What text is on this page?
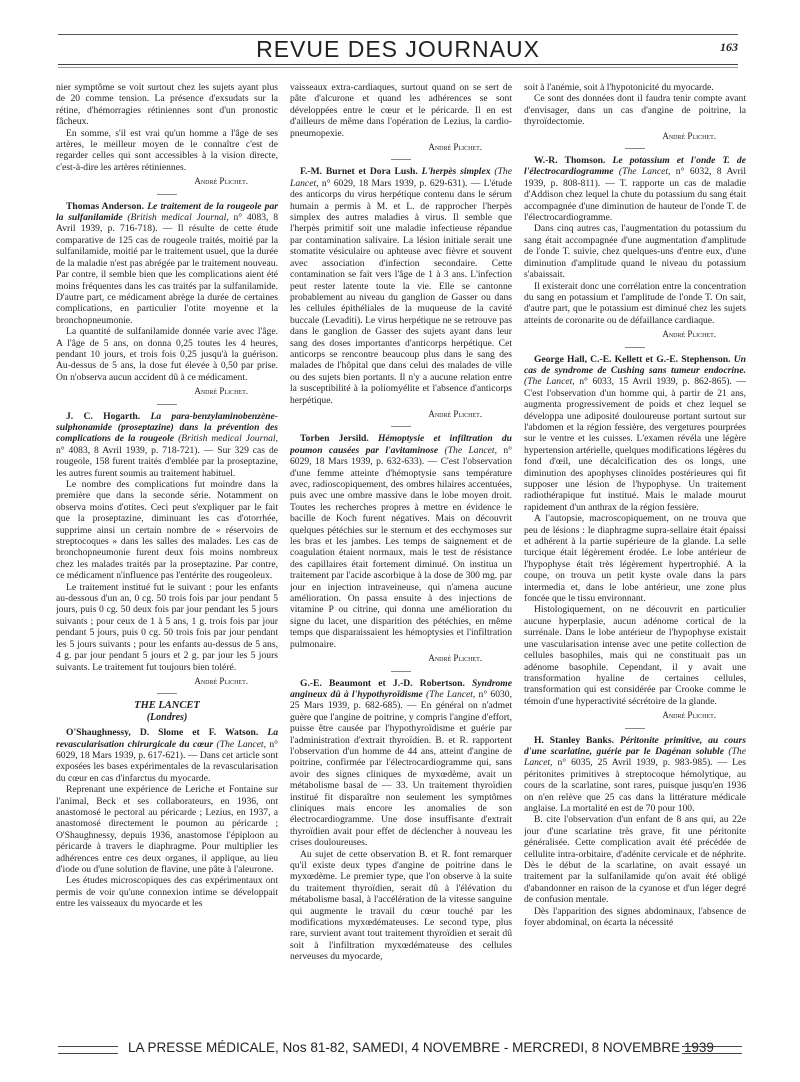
REVUE DES JOURNAUX	163

nier symptôme se voit surtout chez les sujets ayant plus de 20 comme tension. La présence d'exsudats sur la rétine, d'hémorragies rétiniennes sont d'un pronostic fâcheux.

En somme, s'il est vrai qu'un homme a l'âge de ses artères, le meilleur moyen de le connaître c'est de regarder celles qui sont accessibles à la vision directe, c'est-à-dire les artères rétiniennes.

André Plichet.

Thomas Anderson. Le traitement de la rougeole par la sulfanilamide (British medical Journal, n° 4083, 8 Avril 1939, p. 716-718). — Il résulte de cette étude comparative de 125 cas de rougeole traités, moitié par la sulfanilamide, moitié par le traitement usuel, que la durée de la maladie n'est pas abrégée par le traitement nouveau. Par contre, il semble bien que les complications aient été moins fréquentes dans les cas traités par la sulfanilamide. D'autre part, ce médicament abrège la durée de certaines complications, en particulier l'otite moyenne et la bronchopneumonie.

La quantité de sulfanilamide donnée varie avec l'âge. A l'âge de 5 ans, on donna 0,25 toutes les 4 heures, pendant 10 jours, et trois fois 0,25 jusqu'à la guérison. Au-dessus de 5 ans, la dose fut élevée à 0,50 par prise. On n'observa aucun accident dû à ce médicament.

André Plichet.

J. C. Hogarth. La para-benzylaminobenzène-sulphonamide (proseptazine) dans la prévention des complications de la rougeole (British medical Journal, n° 4083, 8 Avril 1939, p. 718-721). — Sur 329 cas de rougeole, 158 furent traités d'emblée par la proseptazine, les autres furent soumis au traitement habituel.

Le nombre des complications fut moindre dans la première que dans la seconde série. Notamment on observa moins d'otites. Ceci peut s'expliquer par le fait que la proseptazine, diminuant les cas d'otorrhée, supprime ainsi un certain nombre de « réservoirs de streptocoques » dans les salles des malades. Les cas de bronchopneumonie furent deux fois moins nombreux chez les malades traités par la proseptazine. Par contre, ce médicament n'influence pas l'entérite des rougeoleux.

Le traitement institué fut le suivant : pour les enfants au-dessous d'un an, 0 cg. 50 trois fois par jour pendant 5 jours, puis 0 cg. 50 deux fois par jour pendant les 5 jours suivants ; pour ceux de 1 à 5 ans, 1 g. trois fois par jour pendant 5 jours, puis 0 cg. 50 trois fois par jour pendant les 5 jours suivants ; pour les enfants au-dessus de 5 ans, 4 g. par jour pendant 5 jours et 2 g. par jour les 5 jours suivants. Le traitement fut toujours bien toléré.

André Plichet.
THE LANCET
(Londres)

O'Shaughnessy, D. Slome et F. Watson. La revascularisation chirurgicale du cœur (The Lancet, n° 6029, 18 Mars 1939, p. 617-621). — Dans cet article sont exposées les bases expérimentales de la revascularisation du cœur en cas d'infarctus du myocarde.

Reprenant une expérience de Leriche et Fontaine sur l'animal, Beck et ses collaborateurs, en 1936, ont anastomosé le pectoral au péricarde ; Lezius, en 1937, a anastomosé directement le poumon au péricarde ; O'Shaughnessy, depuis 1936, anastomose l'épiploon au péricarde à travers le diaphragme. Pour multiplier les adhérences entre ces deux organes, il applique, au lieu d'iode ou d'une solution de flavine, une pâte à l'aleurone.

Les études microscopiques des cas expérimentaux ont permis de voir qu'une connexion intime se développait entre les vaisseaux du myocarde et les

vaisseaux extra-cardiaques, surtout quand on se sert de pâte d'alcurone et quand les adhérences se sont développées entre le cœur et le péricarde. Il en est d'ailleurs de même dans l'opération de Lezius, la cardio-pneumopexie.

André Plichet.

F.-M. Burnet et Dora Lush. L'herpès simplex (The Lancet, n° 6029, 18 Mars 1939, p. 629-631). — L'étude des anticorps du virus herpétique contenu dans le sérum humain a permis à M. et L. de rapprocher l'herpès simplex des autres maladies à virus. Il semble que l'herpès primitif soit une maladie infectieuse répandue par contamination salivaire. La lésion initiale serait une stomatite vésiculaire ou aphteuse avec fièvre et souvent avec association d'infection secondaire. Cette contamination se fait vers l'âge de 1 à 3 ans. L'infection peut rester latente toute la vie. Elle se cantonne probablement au niveau du ganglion de Gasser ou dans les cellules épithéliales de la muqueuse de la cavité buccale (Levaditi). Le virus herpétique ne se retrouve pas dans le ganglion de Gasser des sujets ayant dans leur sang des doses importantes d'anticorps herpétique. Cet anticorps se rencontre beaucoup plus dans le sang des malades de l'hôpital que dans celui des malades de ville ou des sujets bien portants. Il n'y a aucune relation entre la susceptibilité à la poliomyélite et l'absence d'anticorps herpétique.

André Plichet.

Torben Jersild. Hémoptysie et infiltration du poumon causées par l'avitaminose (The Lancet, n° 6029, 18 Mars 1939, p. 632-633). — C'est l'observation d'une femme atteinte d'hémoptysie sans température avec, radioscopiquement, des ombres hilaires accentuées, puis avec une ombre massive dans le lobe moyen droit. Toutes les recherches propres à mettre en évidence le bacille de Koch furent négatives. Mais on découvrit quelques pétéchies sur le sternum et des ecchymoses sur les bras et les jambes. Les temps de saignement et de coagulation étaient normaux, mais le test de résistance des capillaires était fortement diminué. On institua un traitement par l'acide ascorbique à la dose de 300 mg. par jour en injection intraveineuse, qui n'amena aucune amélioration. On passa ensuite à des injections de vitamine P ou citrine, qui donna une amélioration du signe du lacet, une disparition des pétéchies, en même temps que disparaissaient les hémoptysies et l'infiltration pulmonaire.

André Plichet.

G.-E. Beaumont et J.-D. Robertson. Syndrome angineux dû à l'hypothyroïdisme (The Lancet, n° 6030, 25 Mars 1939, p. 682-685). — En général on n'admet guère que l'angine de poitrine, y compris l'angine d'effort, puisse être causée par l'hypothyroïdisme et guérie par l'administration d'extrait thyroïdien. B. et R. rapportent l'observation d'un homme de 44 ans, atteint d'angine de poitrine, confirmée par l'électrocardiogramme qui, sans avoir des signes cliniques de myxœdème, avait un métabolisme basal de — 33. Un traitement thyroïdien institué fit disparaître non seulement les symptômes cliniques mais encore les anomalies de son électrocardiogramme. Une dose insuffisante d'extrait thyroïdien avait pour effet de déclencher à nouveau les crises douloureuses.

Au sujet de cette observation B. et R. font remarquer qu'il existe deux types d'angine de poitrine dans le myxœdème. Le premier type, que l'on observe à la suite du traitement thyroïdien, serait dû à l'élévation du métabolisme basal, à l'accélération de la vitesse sanguine qui augmente le travail du cœur touché par les modifications myxœdémateuses. Le second type, plus rare, survient avant tout traitement thyroïdien et serait dû soit à l'infiltration myxœdémateuse des cellules nerveuses du myocarde,

soit à l'anémie, soit à l'hypotonicité du myocarde.

Ce sont des données dont il faudra tenir compte avant d'envisager, dans un cas d'angine de poitrine, la thyroïdectomie.

André Plichet.

W.-R. Thomson. Le potassium et l'onde T. de l'électrocardiogramme (The Lancet, n° 6032, 8 Avril 1939, p. 808-811). — T. rapporte un cas de maladie d'Addison chez lequel la chute du potassium du sang était accompagnée d'une diminution de hauteur de l'onde T. de l'électrocardiogramme.

Dans cinq autres cas, l'augmentation du potassium du sang était accompagnée d'une augmentation d'amplitude de l'onde T. suivie, chez quelques-uns d'entre eux, d'une diminution d'amplitude quand le niveau du potassium s'abaissait.

Il existerait donc une corrélation entre la concentration du sang en potassium et l'amplitude de l'onde T. On sait, d'autre part, que le potassium est diminué chez les sujets atteints de coronarite ou de défaillance cardiaque.

André Plichet.

George Hall, C.-E. Kellett et G.-E. Stephenson. Un cas de syndrome de Cushing sans tumeur endocrine. (The Lancet, n° 6033, 15 Avril 1939, p. 862-865). — C'est l'observation d'un homme qui, à partir de 21 ans, augmenta progressivement de poids et chez lequel se développa une adiposité douloureuse portant surtout sur l'abdomen et la région fessière, des vergetures pourprées sur le ventre et les cuisses. L'examen révéla une légère hypertension artérielle, quelques modifications légères du fond d'œil, une décalcification des os longs, une diminution des apophyses clinoïdes postérieures qui fit supposer une lésion de l'hypophyse. Un traitement radiothérapique fut institué. Mais le malade mourut rapidement d'un anthrax de la région fessière.

A l'autopsie, macroscopiquement, on ne trouva que peu de lésions : le diaphragme supra-sellaire était épaissi et adhérent à la partie supérieure de la glande. La selle turcique était légèrement érodée. Le lobe antérieur de l'hypophyse était très légèrement hypertrophié. A la coupe, on trouva un petit kyste ovale dans la pars intermedia et, dans le lobe antérieur, une zone plus foncée que le tissu environnant.

Histologiquement, on ne découvrit en particulier aucune hyperplasie, aucun adénome cortical de la surrénale. Dans le lobe antérieur de l'hypophyse existait une vascularisation intense avec une petite collection de cellules basophiles, mais qui ne constituait pas un adénome basophile. Cependant, il y avait une transformation hyaline de certaines cellules, transformation qui est considérée par Crooke comme le témoin d'une hyperactivité sécrétoire de la glande.

André Plichet.

H. Stanley Banks. Péritonite primitive, au cours d'une scarlatine, guérie par le Dagénan soluble (The Lancet, n° 6035, 25 Avril 1939, p. 983-985). — Les péritonites primitives à streptocoque hémolytique, au cours de la scarlatine, sont rares, puisque jusqu'en 1936 on n'en relève que 25 cas dans la littérature médicale anglaise. La mortalité en est de 70 pour 100.

B. cite l'observation d'un enfant de 8 ans qui, au 22e jour d'une scarlatine très grave, fit une péritonite généralisée. Cette complication avait été précédée de cellulite intra-orbitaire, d'adénite cervicale et de néphrite. Dès le début de la scarlatine, on avait essayé un traitement par la sulfanilamide qu'on avait été obligé d'abandonner en raison de la cyanose et d'un léger degré de confusion mentale.

Dès l'apparition des signes abdominaux, l'absence de foyer abdominal, on écarta la nécessité

LA PRESSE MÉDICALE, Nos 81-82, SAMEDI, 4 NOVEMBRE - MERCREDI, 8 NOVEMBRE 1939
